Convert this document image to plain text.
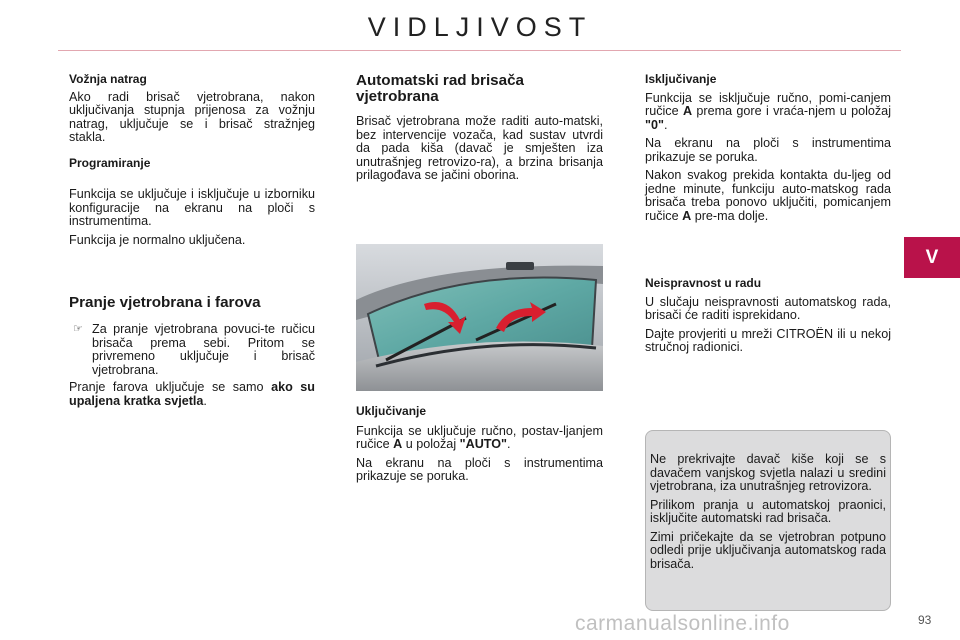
VIDLJIVOST
V
Vožnja natrag

Ako radi brisač vjetrobrana, nakon uključivanja stupnja prijenosa za vožnju natrag, uključuje se i brisač stražnjeg stakla.

Programiranje

Funkcija se uključuje i isključuje u izborniku konfiguracije na ekranu na ploči s instrumentima.

Funkcija je normalno uključena.

Pranje vjetrobrana i farova
☞ Za pranje vjetrobrana povuci-te ručicu brisača prema sebi. Pritom se privremeno uključuje i brisač vjetrobrana.

Pranje farova uključuje se samo ako su upaljena kratka svjetla.

Automatski rad brisača vjetrobrana

Brisač vjetrobrana može raditi auto-matski, bez intervencije vozača, kad sustav utvrdi da pada kiša (davač je smješten iza unutrašnjeg retrovizo-ra), a brzina brisanja prilagođava se jačini oborina.

Uključivanje

Funkcija se uključuje ručno, postav-ljanjem ručice A u položaj "AUTO".

Na ekranu na ploči s instrumentima prikazuje se poruka.

Isključivanje

Funkcija se isključuje ručno, pomi-canjem ručice A prema gore i vraća-njem u položaj "0".

Na ekranu na ploči s instrumentima prikazuje se poruka.

Nakon svakog prekida kontakta du-ljeg od jedne minute, funkciju auto-matskog rada brisača treba ponovo uključiti, pomicanjem ručice A pre-ma dolje.

Neispravnost u radu

U slučaju neispravnosti automatskog rada, brisači će raditi isprekidano.

Dajte provjeriti u mreži CITROËN ili u nekoj stručnoj radionici.

Ne prekrivajte davač kiše koji se s davačem vanjskog svjetla nalazi u sredini vjetrobrana, iza unutrašnjeg retrovizora.

Prilikom pranja u automatskoj praonici, isključite automatski rad brisača.

Zimi pričekajte da se vjetrobran potpuno odledi prije uključivanja automatskog rada brisača.

carmanualsonline.info	93
